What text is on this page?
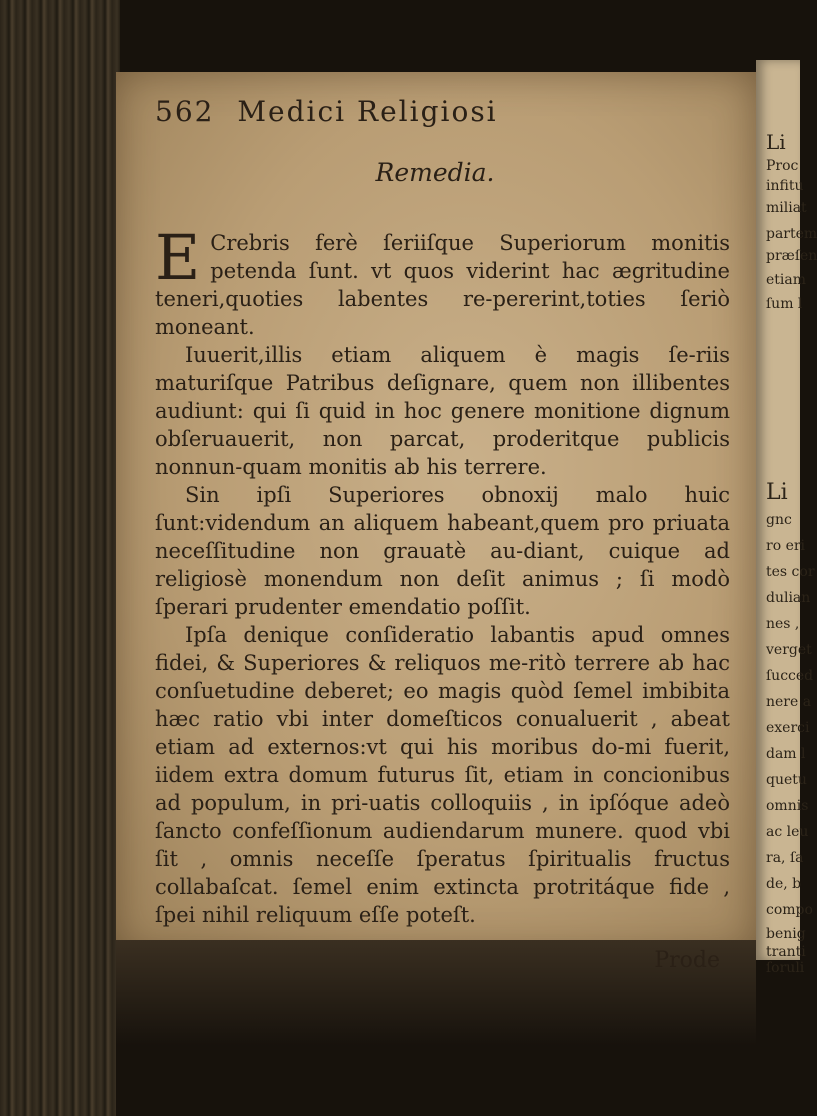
Li
Proc
infitu
miliat
partem
præſen
etiam
ſum l
Li
gnc
ro eri
tes cor
dulian
nes ,
verget
ſucced
nere a
exerci
dam l
quetu
omnis
ac leu
ra, ſa
de, b
compo
benig
tranti
ſoruli
562 Medici Religiosi
Remedia.

E Crebris ferè ſeriiſque Superiorum monitis petenda ſunt. vt quos viderint hac ægritudine teneri,quoties labentes re-pererint,toties ſeriò moneant.

Iuuerit,illis etiam aliquem è magis ſe-riis maturiſque Patribus deſignare, quem non illibentes audiunt: qui ſi quid in hoc genere monitione dignum obſeruauerit, non parcat, proderitque publicis nonnun-quam monitis ab his terrere.

Sin ipſi Superiores obnoxij malo huic ſunt:videndum an aliquem habeant,quem pro priuata neceſſitudine non grauatè au-diant, cuique ad religiosè monendum non deſit animus ; ſi modò ſperari prudenter emendatio poſſit.

Ipſa denique conſideratio labantis apud omnes fidei, & Superiores & reliquos me-ritò terrere ab hac conſuetudine deberet; eo magis quòd ſemel imbibita hæc ratio vbi inter domeſticos conualuerit , abeat etiam ad externos:vt qui his moribus do-mi fuerit, iidem extra domum futurus ſit, etiam in concionibus ad populum, in pri-uatis colloquiis , in ipſóque adeò ſancto confeſſionum audiendarum munere. quod vbi ſit , omnis neceſſe ſperatus ſpiritualis fructus collabaſcat. ſemel enim extincta protritáque fide , ſpei nihil reliquum eſſe poteſt.

Prode
